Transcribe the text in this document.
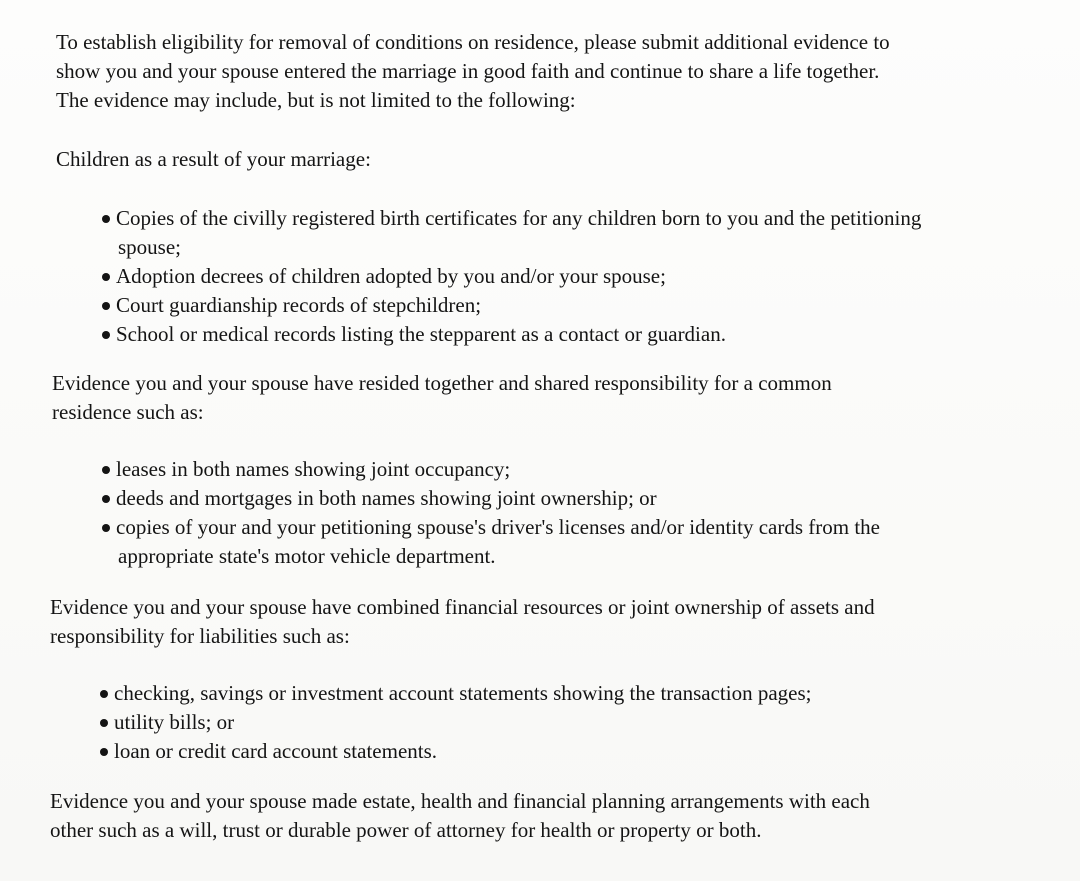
To establish eligibility for removal of conditions on residence, please submit additional evidence to
show you and your spouse entered the marriage in good faith and continue to share a life together.
The evidence may include, but is not limited to the following:
Children as a result of your marriage:
Copies of the civilly registered birth certificates for any children born to you and the petitioning
spouse;
Adoption decrees of children adopted by you and/or your spouse;
Court guardianship records of stepchildren;
School or medical records listing the stepparent as a contact or guardian.
Evidence you and your spouse have resided together and shared responsibility for a common
residence such as:
leases in both names showing joint occupancy;
deeds and mortgages in both names showing joint ownership; or
copies of your and your petitioning spouse's driver's licenses and/or identity cards from the
appropriate state's motor vehicle department.
Evidence you and your spouse have combined financial resources or joint ownership of assets and
responsibility for liabilities such as:
checking, savings or investment account statements showing the transaction pages;
utility bills; or
loan or credit card account statements.
Evidence you and your spouse made estate, health and financial planning arrangements with each
other such as a will, trust or durable power of attorney for health or property or both.
